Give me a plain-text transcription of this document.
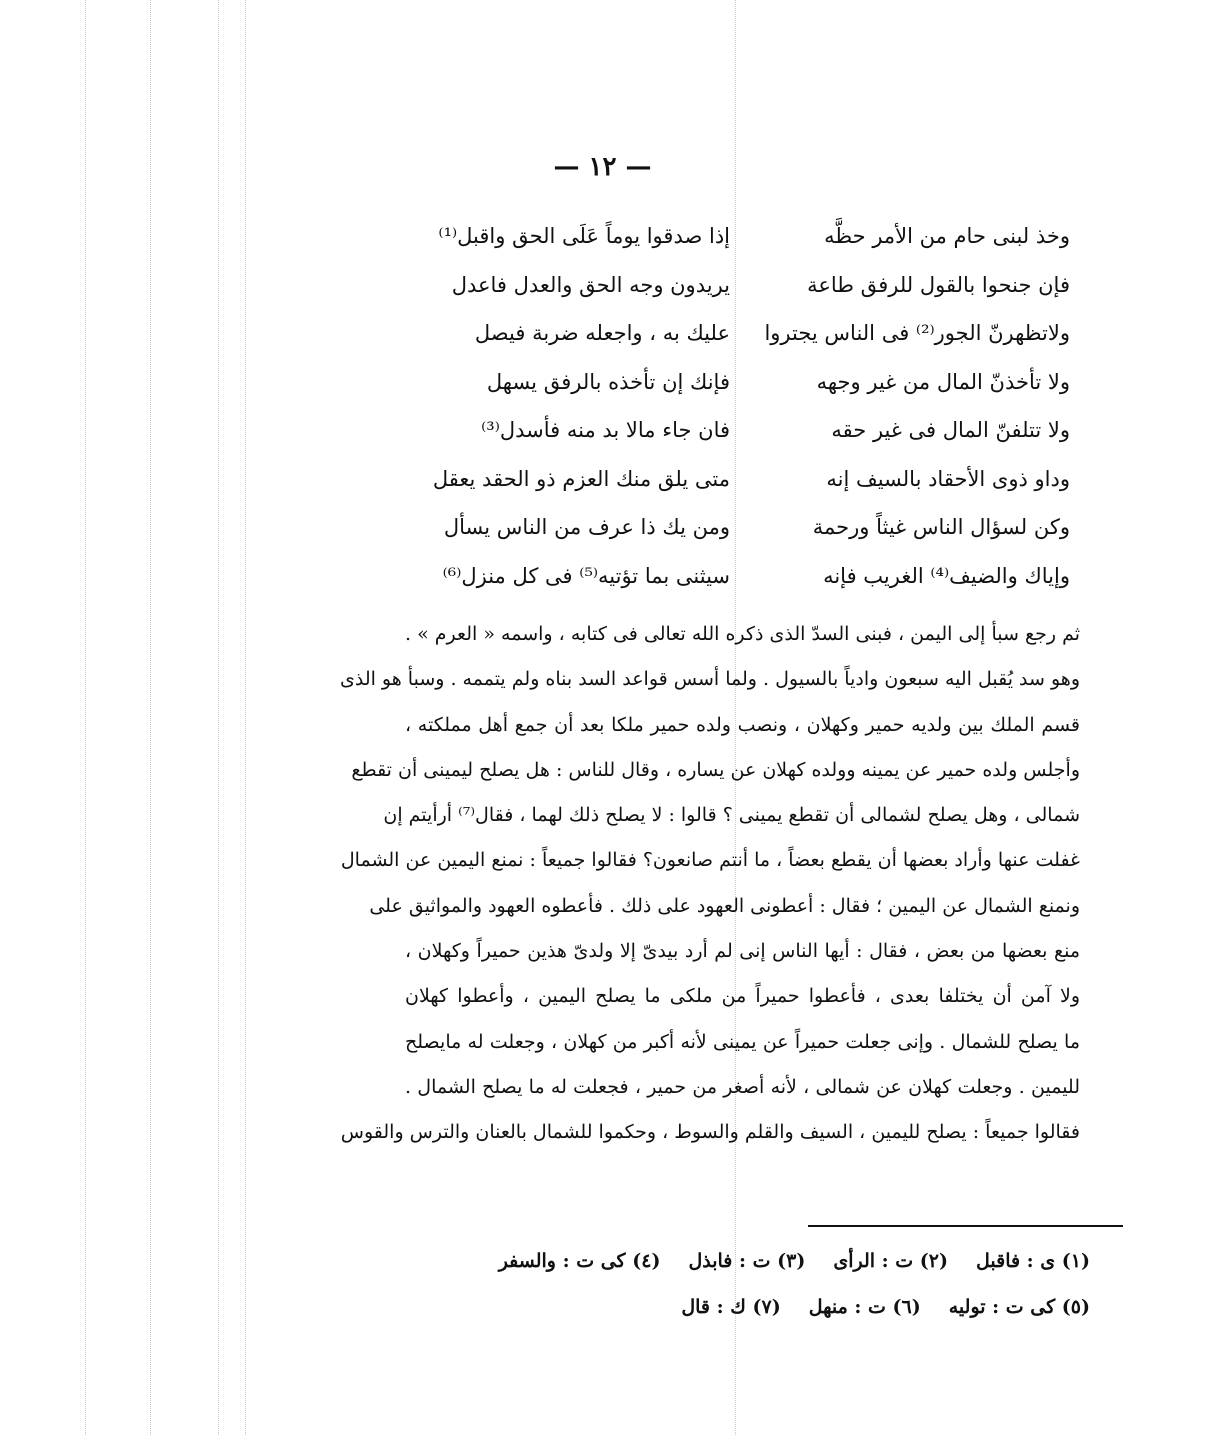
— ١٢ —
وخذ لبنى حام من الأمر حظَّه
إذا صدقوا يوماً عَلَى الحق واقبل⁽¹⁾
فإن جنحوا بالقول للرفق طاعة
يريدون وجه الحق والعدل فاعدل
ولاتظهرنّ الجور⁽²⁾ فى الناس يجتروا
عليك به ، واجعله ضربة فيصل
ولا تأخذنّ المال من غير وجهه
فإنك إن تأخذه بالرفق يسهل
ولا تتلفنّ المال فى غير حقه
فان جاء مالا بد منه فأسدل⁽³⁾
وداو ذوى الأحقاد بالسيف إنه
متى يلق منك العزم ذو الحقد يعقل
وكن لسؤال الناس غيثاً ورحمة
ومن يك ذا عرف من الناس يسأل
وإياك والضيف⁽⁴⁾ الغريب فإنه
سيثنى بما تؤتيه⁽⁵⁾ فى كل منزل⁽⁶⁾
ثم رجع سبأ إلى اليمن ، فبنى السدّ الذى ذكره الله تعالى فى كتابه ، واسمه « العرم » .
وهو سد يُقبل اليه سبعون وادياً بالسيول . ولما أسس قواعد السد بناه ولم يتممه . وسبأ هو الذى
قسم الملك بين ولديه حمير وكهلان ، ونصب ولده حمير ملكا بعد أن جمع أهل مملكته ،
وأجلس ولده حمير عن يمينه وولده كهلان عن يساره ، وقال للناس : هل يصلح ليمينى أن تقطع
شمالى ، وهل يصلح لشمالى أن تقطع يمينى ؟ قالوا : لا يصلح ذلك لهما ، فقال⁽⁷⁾ أرأيتم إن
غفلت عنها وأراد بعضها أن يقطع بعضاً ، ما أنتم صانعون؟ فقالوا جميعاً : نمنع اليمين عن الشمال
ونمنع الشمال عن اليمين ؛ فقال : أعطونى العهود على ذلك . فأعطوه العهود والمواثيق على
منع بعضها من بعض ، فقال : أيها الناس إنى لم أرد بيدىّ إلا ولدىّ هذين حميراً وكهلان ،
ولا آمن أن يختلفا بعدى ، فأعطوا حميراً من ملكى ما يصلح اليمين ، وأعطوا كهلان
ما يصلح للشمال . وإنى جعلت حميراً عن يمينى لأنه أكبر من كهلان ، وجعلت له مايصلح
لليمين . وجعلت كهلان عن شمالى ، لأنه أصغر من حمير ، فجعلت له ما يصلح الشمال .
فقالوا جميعاً : يصلح لليمين ، السيف والقلم والسوط ، وحكموا للشمال بالعنان والترس والقوس
(١) ى : فاقبل(٢) ت : الرأى(٣) ت : فابذل(٤) كى ت : والسفر
(٥) كى ت : توليه(٦) ت : منهل(٧) ك : قال
